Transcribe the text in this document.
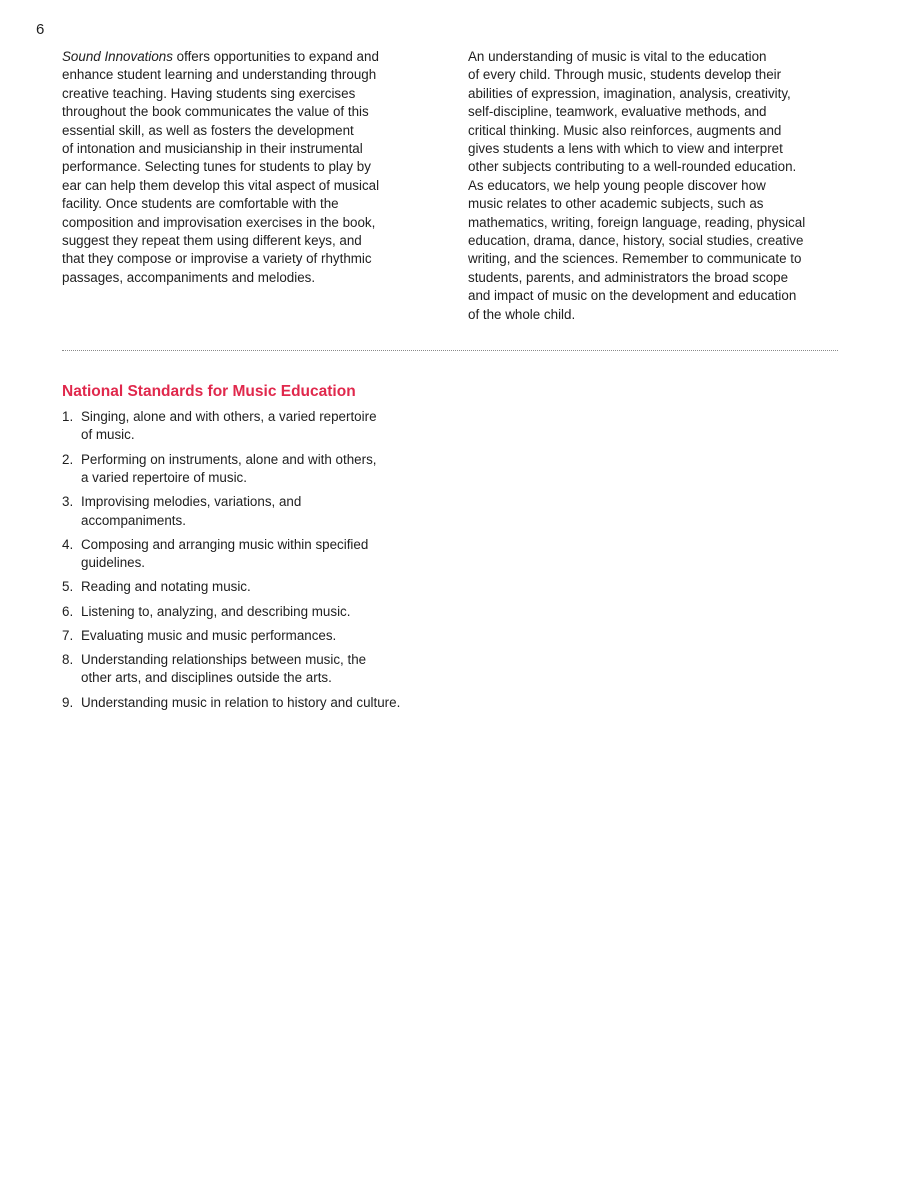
6

Sound Innovations offers opportunities to expand and
enhance student learning and understanding through
creative teaching. Having students sing exercises
throughout the book communicates the value of this
essential skill, as well as fosters the development
of intonation and musicianship in their instrumental
performance. Selecting tunes for students to play by
ear can help them develop this vital aspect of musical
facility. Once students are comfortable with the
composition and improvisation exercises in the book,
suggest they repeat them using different keys, and
that they compose or improvise a variety of rhythmic
passages, accompaniments and melodies.

An understanding of music is vital to the education
of every child. Through music, students develop their
abilities of expression, imagination, analysis, creativity,
self-discipline, teamwork, evaluative methods, and
critical thinking. Music also reinforces, augments and
gives students a lens with which to view and interpret
other subjects contributing to a well-rounded education.
As educators, we help young people discover how
music relates to other academic subjects, such as
mathematics, writing, foreign language, reading, physical
education, drama, dance, history, social studies, creative
writing, and the sciences. Remember to communicate to
students, parents, and administrators the broad scope
and impact of music on the development and education
of the whole child.

National Standards for Music Education
1. Singing, alone and with others, a varied repertoire
of music.
2. Performing on instruments, alone and with others,
a varied repertoire of music.
3. Improvising melodies, variations, and
accompaniments.
4. Composing and arranging music within specified
guidelines.
5. Reading and notating music.
6. Listening to, analyzing, and describing music.
7. Evaluating music and music performances.
8. Understanding relationships between music, the
other arts, and disciplines outside the arts.
9. Understanding music in relation to history and culture.
